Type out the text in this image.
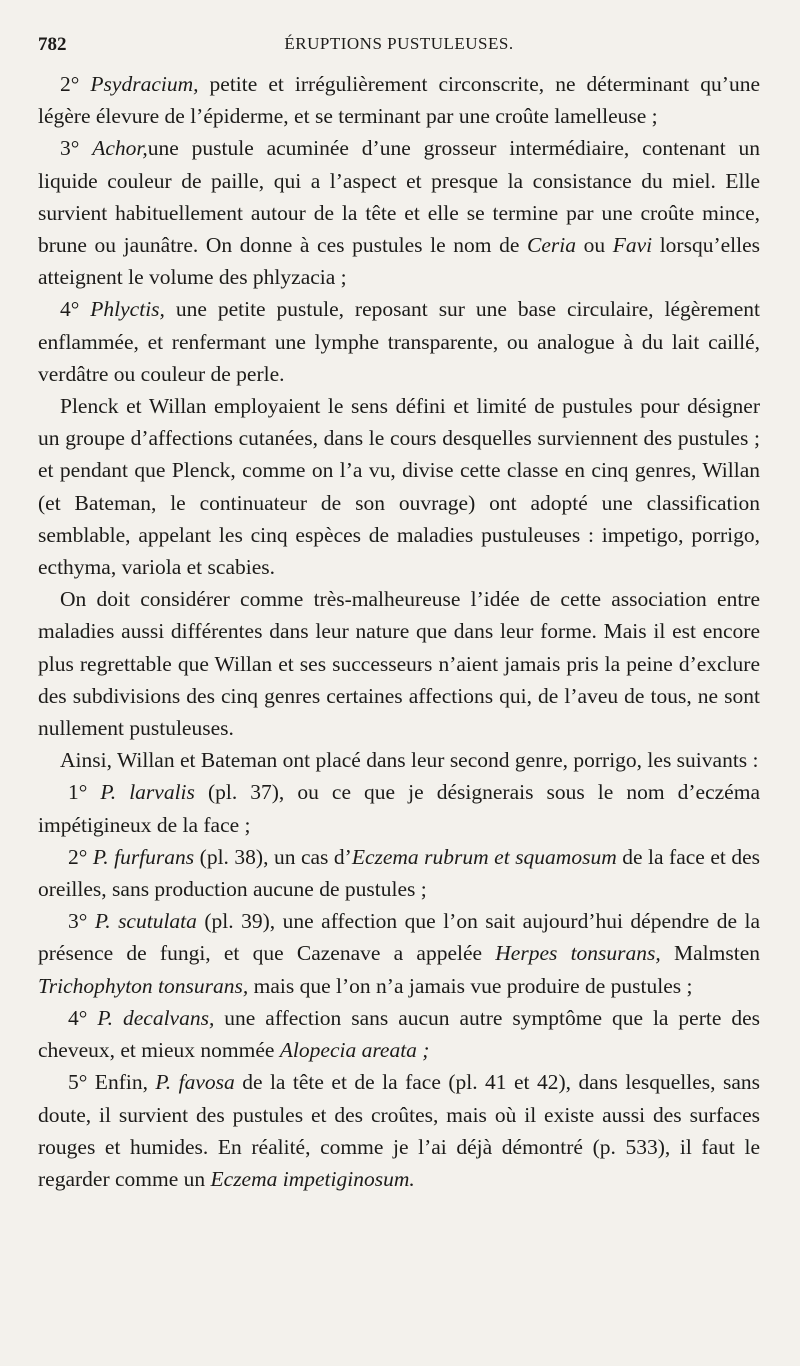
782	ÉRUPTIONS PUSTULEUSES.

2° Psydracium, petite et irrégulièrement circonscrite, ne déterminant qu’une légère élevure de l’épiderme, et se terminant par une croûte lamelleuse ;

3° Achor,une pustule acuminée d’une grosseur intermédiaire, contenant un liquide couleur de paille, qui a l’aspect et presque la consistance du miel. Elle survient habituellement autour de la tête et elle se termine par une croûte mince, brune ou jaunâtre. On donne à ces pustules le nom de Ceria ou Favi lorsqu’elles atteignent le volume des phlyzacia ;

4° Phlyctis, une petite pustule, reposant sur une base circulaire, légèrement enflammée, et renfermant une lymphe transparente, ou analogue à du lait caillé, verdâtre ou couleur de perle.

Plenck et Willan employaient le sens défini et limité de pustules pour désigner un groupe d’affections cutanées, dans le cours desquelles surviennent des pustules ; et pendant que Plenck, comme on l’a vu, divise cette classe en cinq genres, Willan (et Bateman, le continuateur de son ouvrage) ont adopté une classification semblable, appelant les cinq espèces de maladies pustuleuses : impetigo, porrigo, ecthyma, variola et scabies.

On doit considérer comme très-malheureuse l’idée de cette association entre maladies aussi différentes dans leur nature que dans leur forme. Mais il est encore plus regrettable que Willan et ses successeurs n’aient jamais pris la peine d’exclure des subdivisions des cinq genres certaines affections qui, de l’aveu de tous, ne sont nullement pustuleuses.

Ainsi, Willan et Bateman ont placé dans leur second genre, porrigo, les suivants :

1° P. larvalis (pl. 37), ou ce que je désignerais sous le nom d’eczéma impétigineux de la face ;

2° P. furfurans (pl. 38), un cas d’Eczema rubrum et squamosum de la face et des oreilles, sans production aucune de pustules ;

3° P. scutulata (pl. 39), une affection que l’on sait aujourd’hui dépendre de la présence de fungi, et que Cazenave a appelée Herpes tonsurans, Malmsten Trichophyton tonsurans, mais que l’on n’a jamais vue produire de pustules ;

4° P. decalvans, une affection sans aucun autre symptôme que la perte des cheveux, et mieux nommée Alopecia areata ;

5° Enfin, P. favosa de la tête et de la face (pl. 41 et 42), dans lesquelles, sans doute, il survient des pustules et des croûtes, mais où il existe aussi des surfaces rouges et humides. En réalité, comme je l’ai déjà démontré (p. 533), il faut le regarder comme un Eczema impetiginosum.
